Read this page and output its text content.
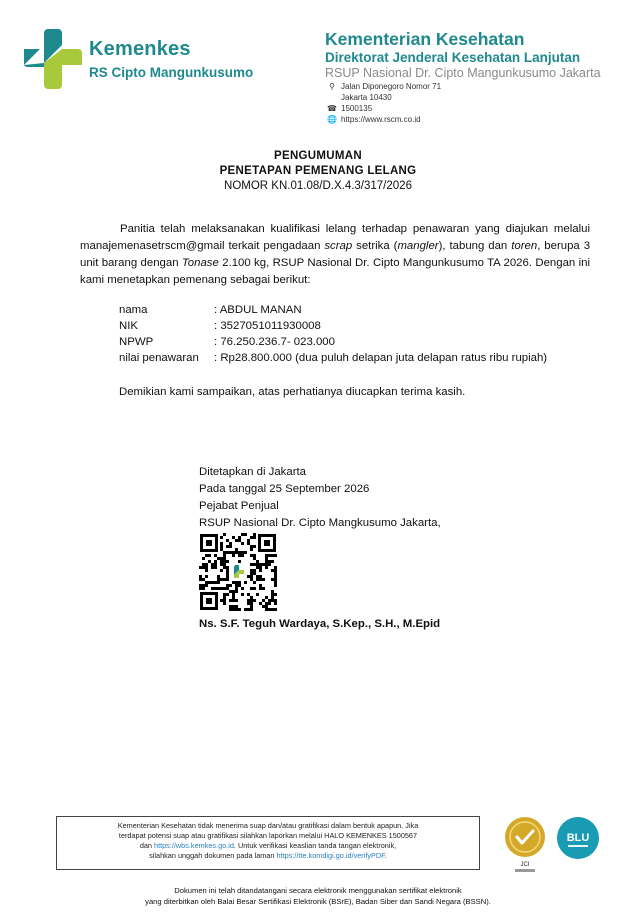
Kemenkes
RS Cipto Mangunkusumo
Kementerian Kesehatan
Direktorat Jenderal Kesehatan Lanjutan
RSUP Nasional Dr. Cipto Mangunkusumo Jakarta
⚲ Jalan Diponegoro Nomor 71
Jakarta 10430
☎ 1500135
🌐 https://www.rscm.co.id
PENGUMUMAN
PENETAPAN PEMENANG LELANG
NOMOR KN.01.08/D.X.4.3/317/2026
Panitia telah melaksanakan kualifikasi lelang terhadap penawaran yang diajukan melalui manajemenasetrscm@gmail terkait pengadaan scrap setrika (mangler), tabung dan toren, berupa 3 unit barang dengan Tonase 2.100 kg, RSUP Nasional Dr. Cipto Mangunkusumo TA 2026. Dengan ini kami menetapkan pemenang sebagai berikut:
nama	: ABDUL MANAN
NIK	: 3527051011930008
NPWP	: 76.250.236.7- 023.000
nilai penawaran	: Rp28.800.000 (dua puluh delapan juta delapan ratus ribu rupiah)
Demikian kami sampaikan, atas perhatianya diucapkan terima kasih.
Ditetapkan di Jakarta
Pada tanggal 25 September 2026
Pejabat Penjual
RSUP Nasional Dr. Cipto Mangkusumo Jakarta,
Ns. S.F. Teguh Wardaya, S.Kep., S.H., M.Epid
Kementerian Kesehatan tidak menerima suap dan/atau gratifikasi dalam bentuk apapun. Jika
terdapat potensi suap atau gratifikasi silahkan laporkan melalui HALO KEMENKES 1500567
dan https://wbs.kemkes.go.id. Untuk verifikasi keaslian tanda tangan elektronik,
silahkan unggah dokumen pada laman https://tte.komdigi.go.id/verifyPDF.
JCI
BLU
Dokumen ini telah ditandatangani secara elektronik menggunakan sertifikat elektronik
yang diterbitkan oleh Balai Besar Sertifikasi Elektronik (BSrE), Badan Siber dan Sandi Negara (BSSN).
